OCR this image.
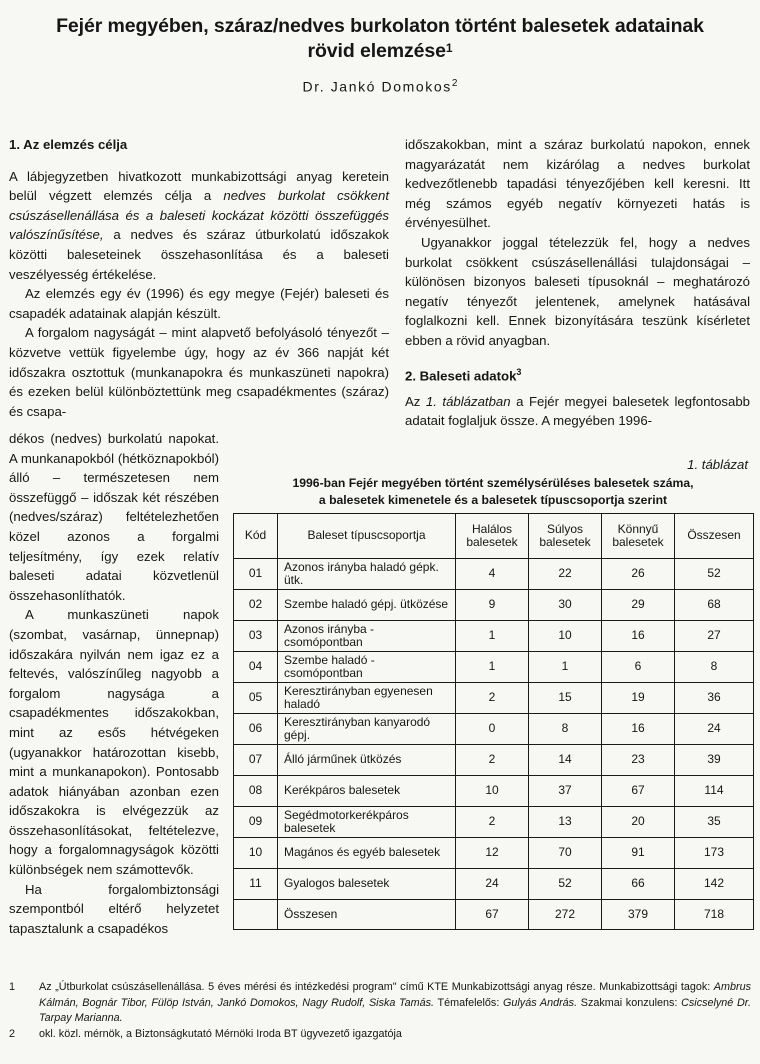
Fejér megyében, száraz/nedves burkolaton történt balesetek adatainak
rövid elemzése$^1$
Dr. Jankó Domokos$^2$
1. Az elemzés célja

A lábjegyzetben hivatkozott munkabizottsági anyag keretein belül végzett elemzés célja a nedves burkolat csökkent csúszásellenállása és a baleseti kockázat közötti összefüggés valószínűsítése, a nedves és száraz útburkolatú időszakok közötti baleseteinek összehasonlítása és a baleseti veszélyesség értékelése.

Az elemzés egy év (1996) és egy megye (Fejér) baleseti és csapadék adatainak alapján készült.

A forgalom nagyságát – mint alapvető befolyásoló tényezőt – közvetve vettük figyelembe úgy, hogy az év 366 napját két időszakra osztottuk (munkanapokra és munkaszüneti napokra) és ezeken belül különböztettünk meg csapadékmentes (száraz) és csapa-

dékos (nedves) burkolatú napokat. A munkanapokból (hétköznapokból) álló – természetesen nem összefüggő – időszak két részében (nedves/száraz) feltételezhetően közel azonos a forgalmi teljesítmény, így ezek relatív baleseti adatai közvetlenül összehasonlíthatók.

A munkaszüneti napok (szombat, vasárnap, ünnepnap) időszakára nyilván nem igaz ez a feltevés, valószínűleg nagyobb a forgalom nagysága a csapadékmentes időszakokban, mint az esős hétvégeken (ugyanakkor határozottan kisebb, mint a munkanapokon). Pontosabb adatok hiányában azonban ezen időszakokra is elvégezzük az összehasonlításokat, feltételezve, hogy a forgalomnagyságok közötti különbségek nem számottevők.

Ha forgalombiztonsági szempontból eltérő helyzetet tapasztalunk a csapadékos

időszakokban, mint a száraz burkolatú napokon, ennek magyarázatát nem kizárólag a nedves burkolat kedvezőtlenebb tapadási tényezőjében kell keresni. Itt még számos egyéb negatív környezeti hatás is érvényesülhet.

Ugyanakkor joggal tételezzük fel, hogy a nedves burkolat csökkent csúszásellenállási tulajdonságai – különösen bizonyos baleseti típusoknál – meghatározó negatív tényezőt jelentenek, amelynek hatásával foglalkozni kell. Ennek bizonyítására teszünk kísérletet ebben a rövid anyagban.

2. Baleseti adatok$^3$

Az 1. táblázatban a Fejér megyei balesetek legfontosabb adatait foglaljuk össze. A megyében 1996-

1. táblázat
1996-ban Fejér megyében történt személysérüléses balesetek száma,
a balesetek kimenetele és a balesetek típuscsoportja szerint
Kód	Baleset típuscsoportja	Halálos balesetek	Súlyos balesetek	Könnyű balesetek	Összesen
01	Azonos irányba haladó gépk. ütk.	4	22	26	52
02	Szembe haladó gépj. ütközése	9	30	29	68
03	Azonos irányba -csomópontban	1	10	16	27
04	Szembe haladó -csomópontban	1	1	6	8
05	Keresztirányban egyenesen haladó	2	15	19	36
06	Keresztirányban kanyarodó gépj.	0	8	16	24
07	Álló járműnek ütközés	2	14	23	39
08	Kerékpáros balesetek	10	37	67	114
09	Segédmotorkerékpáros balesetek	2	13	20	35
10	Magános és egyéb balesetek	12	70	91	173
11	Gyalogos balesetek	24	52	66	142
	Összesen	67	272	379	718
1 Az „Útburkolat csúszásellenállása. 5 éves mérési és intézkedési program" című KTE Munkabizottsági anyag része. Munkabizottsági tagok: Ambrus Kálmán, Bognár Tibor, Fülöp István, Jankó Domokos, Nagy Rudolf, Siska Tamás. Témafelelős: Gulyás András. Szakmai konzulens: Csicselyné Dr. Tarpay Marianna.
2 okl. közl. mérnök, a Biztonságkutató Mérnöki Iroda BT ügyvezető igazgatója
